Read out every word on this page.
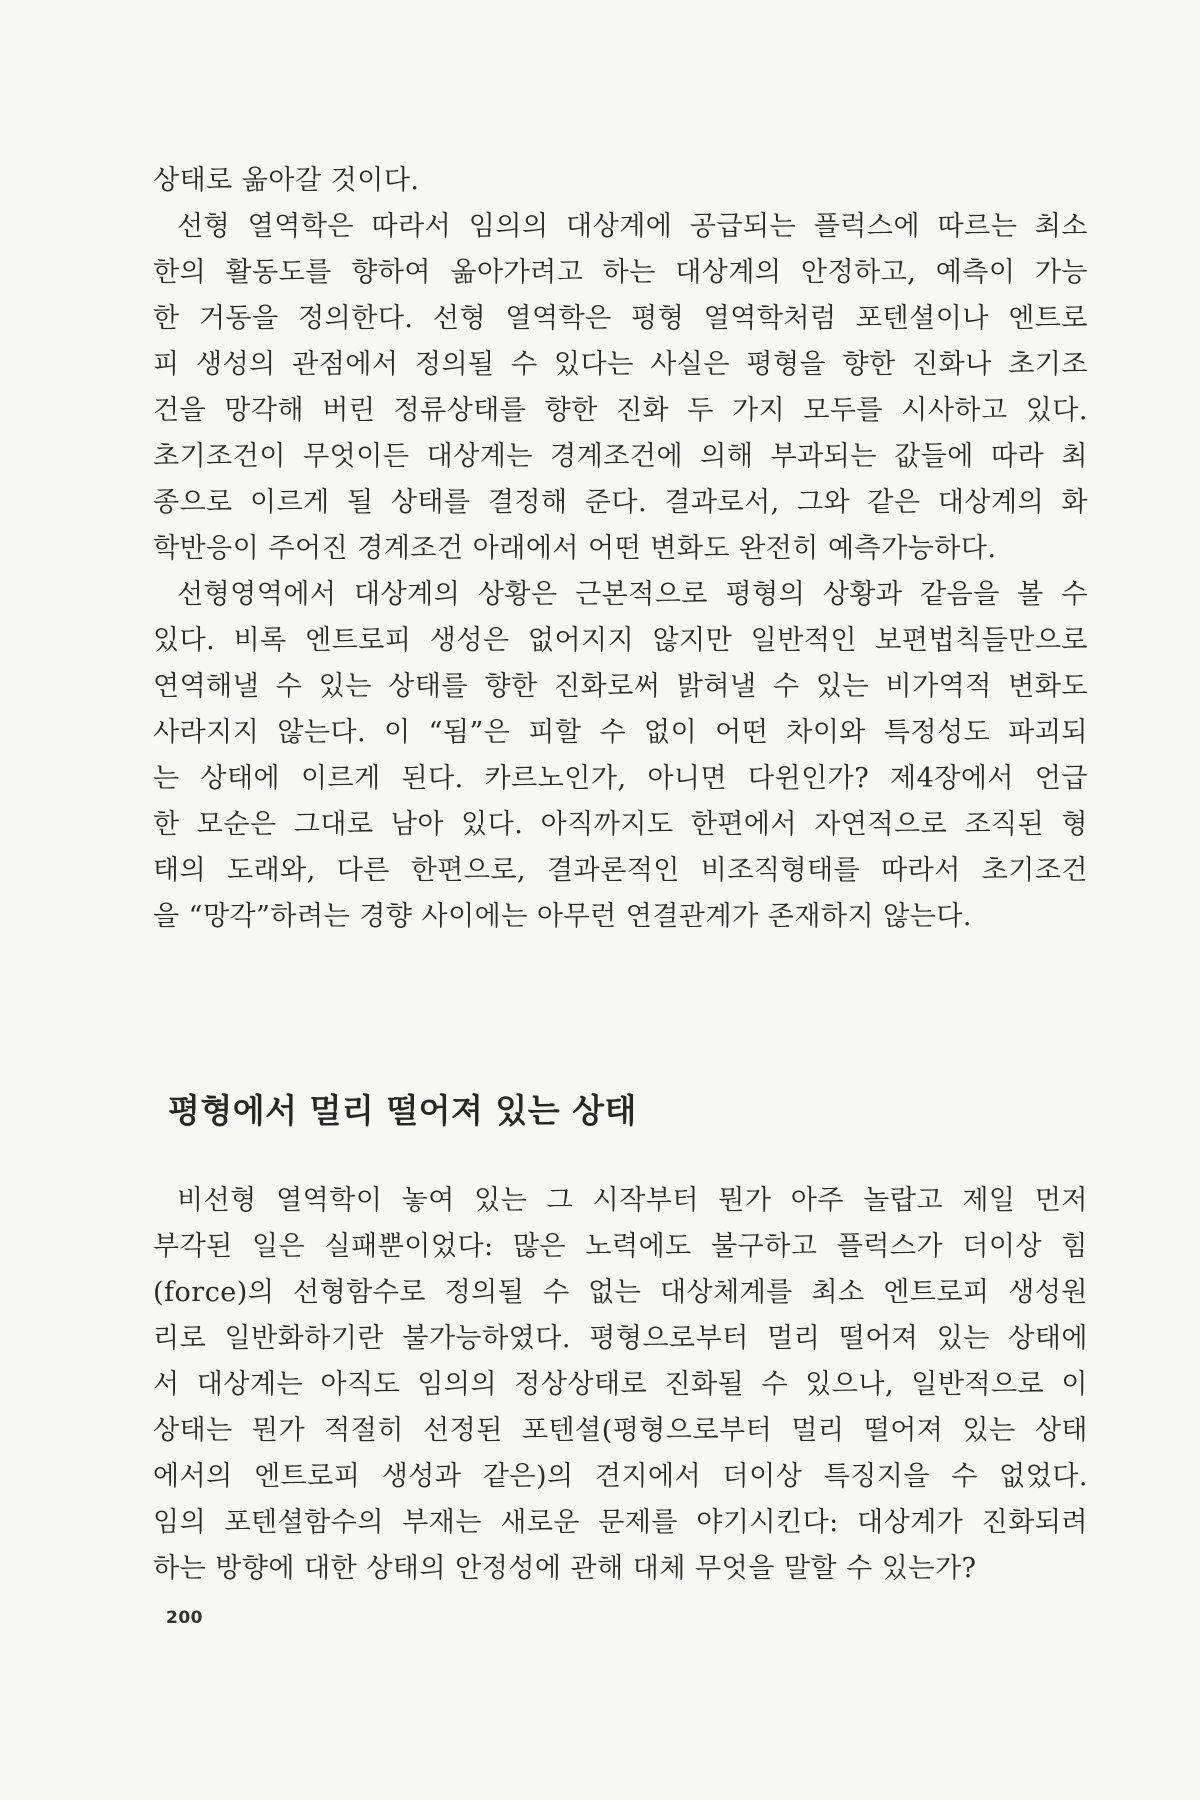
상태로 옮아갈 것이다.
선형 열역학은 따라서 임의의 대상계에 공급되는 플럭스에 따르는 최소
한의 활동도를 향하여 옮아가려고 하는 대상계의 안정하고, 예측이 가능
한 거동을 정의한다. 선형 열역학은 평형 열역학처럼 포텐셜이나 엔트로
피 생성의 관점에서 정의될 수 있다는 사실은 평형을 향한 진화나 초기조
건을 망각해 버린 정류상태를 향한 진화 두 가지 모두를 시사하고 있다.
초기조건이 무엇이든 대상계는 경계조건에 의해 부과되는 값들에 따라 최
종으로 이르게 될 상태를 결정해 준다. 결과로서, 그와 같은 대상계의 화
학반응이 주어진 경계조건 아래에서 어떤 변화도 완전히 예측가능하다.
선형영역에서 대상계의 상황은 근본적으로 평형의 상황과 같음을 볼 수
있다. 비록 엔트로피 생성은 없어지지 않지만 일반적인 보편법칙들만으로
연역해낼 수 있는 상태를 향한 진화로써 밝혀낼 수 있는 비가역적 변화도
사라지지 않는다. 이 “됨”은 피할 수 없이 어떤 차이와 특정성도 파괴되
는 상태에 이르게 된다. 카르노인가, 아니면 다윈인가? 제4장에서 언급
한 모순은 그대로 남아 있다. 아직까지도 한편에서 자연적으로 조직된 형
태의 도래와, 다른 한편으로, 결과론적인 비조직형태를 따라서 초기조건
을 “망각”하려는 경향 사이에는 아무런 연결관계가 존재하지 않는다.
평형에서 멀리 떨어져 있는 상태
비선형 열역학이 놓여 있는 그 시작부터 뭔가 아주 놀랍고 제일 먼저
부각된 일은 실패뿐이었다: 많은 노력에도 불구하고 플럭스가 더이상 힘
(force)의 선형함수로 정의될 수 없는 대상체계를 최소 엔트로피 생성원
리로 일반화하기란 불가능하였다. 평형으로부터 멀리 떨어져 있는 상태에
서 대상계는 아직도 임의의 정상상태로 진화될 수 있으나, 일반적으로 이
상태는 뭔가 적절히 선정된 포텐셜(평형으로부터 멀리 떨어져 있는 상태
에서의 엔트로피 생성과 같은)의 견지에서 더이상 특징지을 수 없었다.
임의 포텐셜함수의 부재는 새로운 문제를 야기시킨다: 대상계가 진화되려
하는 방향에 대한 상태의 안정성에 관해 대체 무엇을 말할 수 있는가?
200
